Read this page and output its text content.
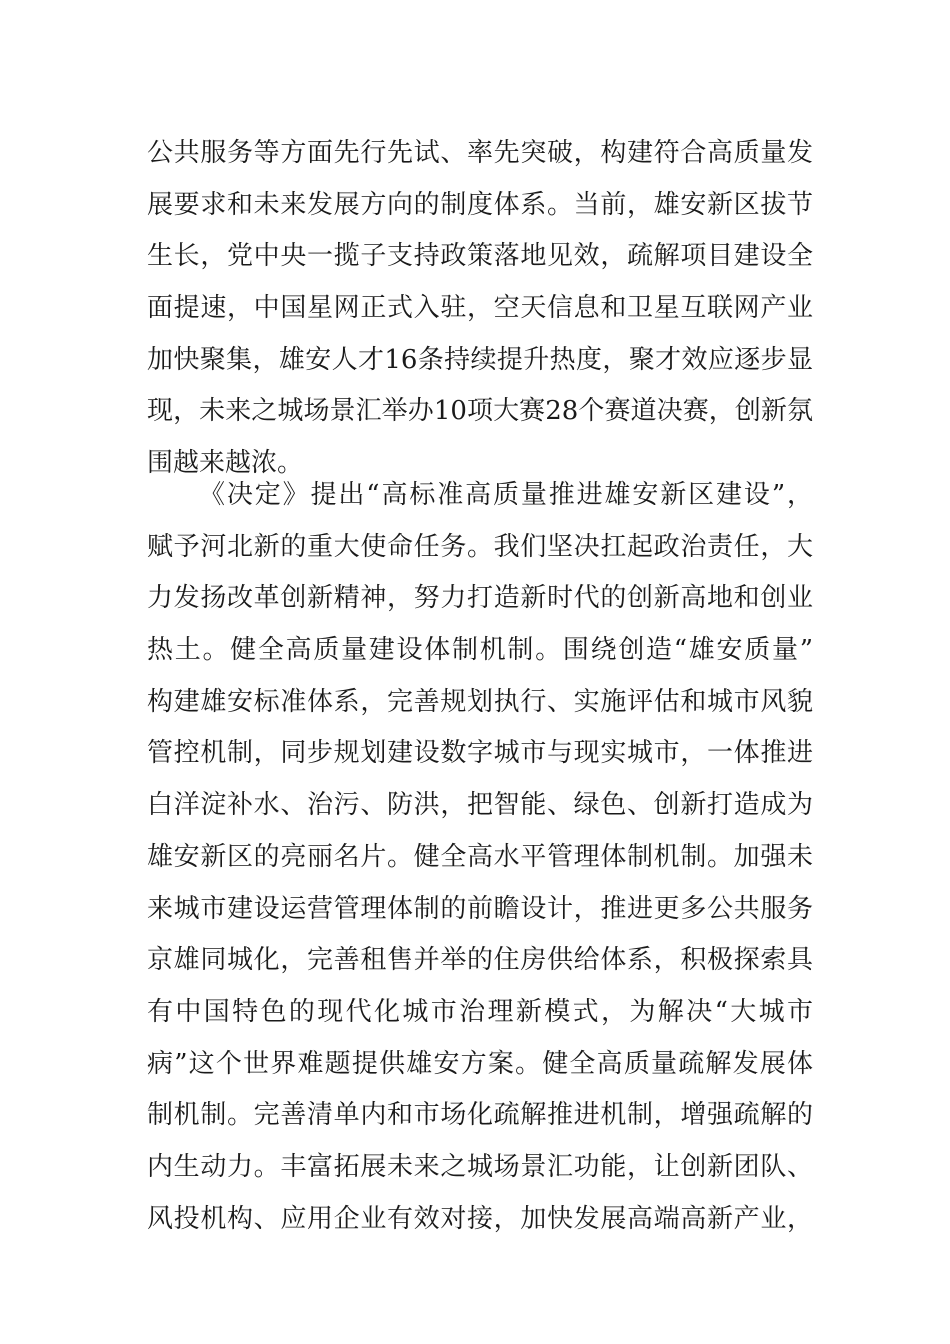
公共服务等方面先行先试、率先突破，构建符合高质量发
展要求和未来发展方向的制度体系。当前，雄安新区拔节
生长，党中央一揽子支持政策落地见效，疏解项目建设全
面提速，中国星网正式入驻，空天信息和卫星互联网产业
加快聚集，雄安人才16条持续提升热度，聚才效应逐步显
现，未来之城场景汇举办10项大赛28个赛道决赛，创新氛
围越来越浓。
《决定》提出“高标准高质量推进雄安新区建设”，
赋予河北新的重大使命任务。我们坚决扛起政治责任，大
力发扬改革创新精神，努力打造新时代的创新高地和创业
热土。健全高质量建设体制机制。围绕创造“雄安质量”
构建雄安标准体系，完善规划执行、实施评估和城市风貌
管控机制，同步规划建设数字城市与现实城市，一体推进
白洋淀补水、治污、防洪，把智能、绿色、创新打造成为
雄安新区的亮丽名片。健全高水平管理体制机制。加强未
来城市建设运营管理体制的前瞻设计，推进更多公共服务
京雄同城化，完善租售并举的住房供给体系，积极探索具
有中国特色的现代化城市治理新模式，为解决“大城市
病”这个世界难题提供雄安方案。健全高质量疏解发展体
制机制。完善清单内和市场化疏解推进机制，增强疏解的
内生动力。丰富拓展未来之城场景汇功能，让创新团队、
风投机构、应用企业有效对接，加快发展高端高新产业，
